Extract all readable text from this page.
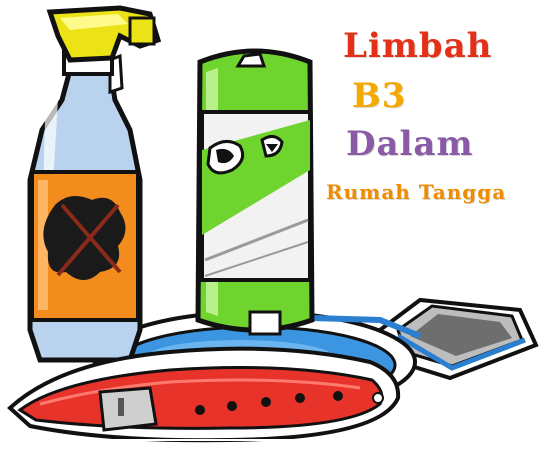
Limbah
B3
Dalam
Rumah Tangga
